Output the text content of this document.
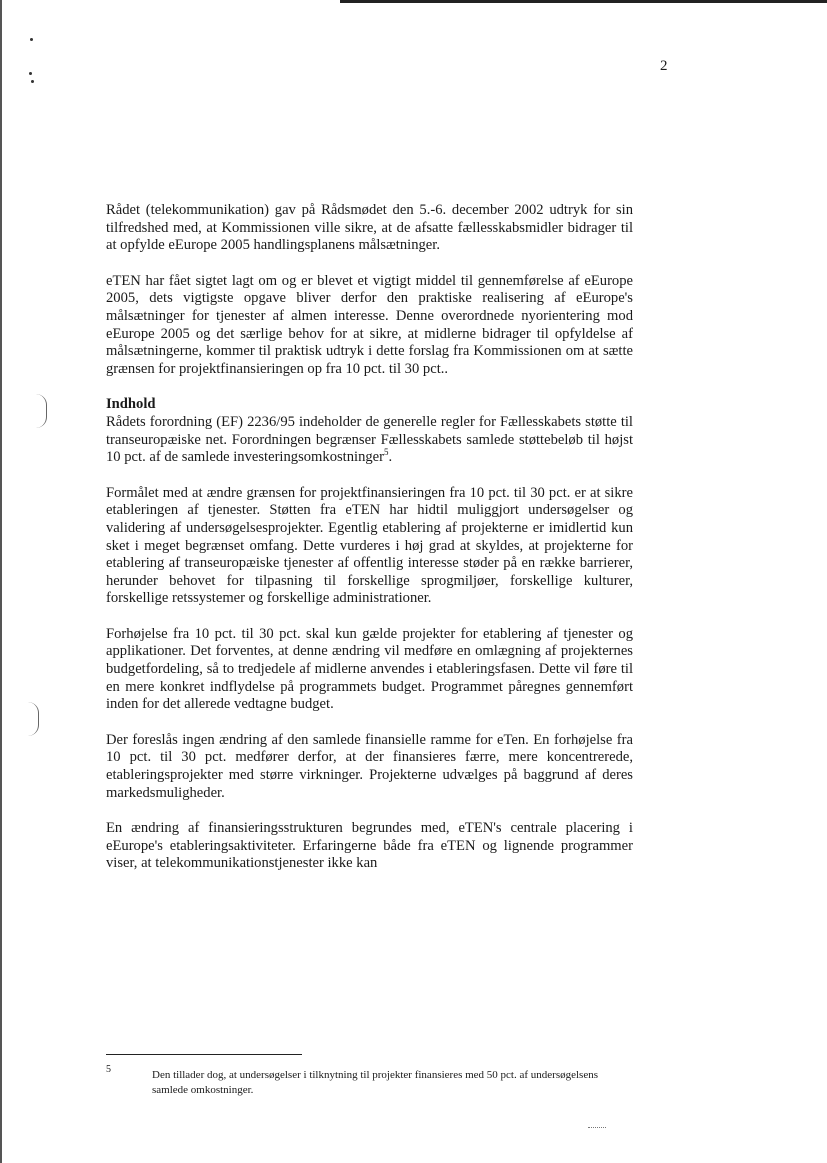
2

Rådet (telekommunikation) gav på Rådsmødet den 5.-6. december 2002 udtryk for sin tilfredshed med, at Kommissionen ville sikre, at de afsatte fællesskabsmidler bidrager til at opfylde eEurope 2005 handlingsplanens målsætninger.

eTEN har fået sigtet lagt om og er blevet et vigtigt middel til gennemførelse af eEurope 2005, dets vigtigste opgave bliver derfor den praktiske realisering af eEurope's målsætninger for tjenester af almen interesse. Denne overordnede nyorientering mod eEurope 2005 og det særlige behov for at sikre, at midlerne bidrager til opfyldelse af målsætningerne, kommer til praktisk udtryk i dette forslag fra Kommissionen om at sætte grænsen for projektfinansieringen op fra 10 pct. til 30 pct..

Indhold

Rådets forordning (EF) 2236/95 indeholder de generelle regler for Fællesskabets støtte til transeuropæiske net. Forordningen begrænser Fællesskabets samlede støttebeløb til højst 10 pct. af de samlede investeringsomkostninger$^5$.

Formålet med at ændre grænsen for projektfinansieringen fra 10 pct. til 30 pct. er at sikre etableringen af tjenester. Støtten fra eTEN har hidtil muliggjort undersøgelser og validering af undersøgelsesprojekter. Egentlig etablering af projekterne er imidlertid kun sket i meget begrænset omfang. Dette vurderes i høj grad at skyldes, at projekterne for etablering af transeuropæiske tjenester af offentlig interesse støder på en række barrierer, herunder behovet for tilpasning til forskellige sprogmiljøer, forskellige kulturer, forskellige retssystemer og forskellige administrationer.

Forhøjelse fra 10 pct. til 30 pct. skal kun gælde projekter for etablering af tjenester og applikationer. Det forventes, at denne ændring vil medføre en omlægning af projekternes budgetfordeling, så to tredjedele af midlerne anvendes i etableringsfasen. Dette vil føre til en mere konkret indflydelse på programmets budget. Programmet påregnes gennemført inden for det allerede vedtagne budget.

Der foreslås ingen ændring af den samlede finansielle ramme for eTen. En forhøjelse fra 10 pct. til 30 pct. medfører derfor, at der finansieres færre, mere koncentrerede, etableringsprojekter med større virkninger. Projekterne udvælges på baggrund af deres markedsmuligheder.

En ændring af finansieringsstrukturen begrundes med, eTEN's centrale placering i eEurope's etableringsaktiviteter. Erfaringerne både fra eTEN og lignende programmer viser, at telekommunikationstjenester ikke kan

5	Den tillader dog, at undersøgelser i tilknytning til projekter finansieres med 50 pct. af undersøgelsens samlede omkostninger.
